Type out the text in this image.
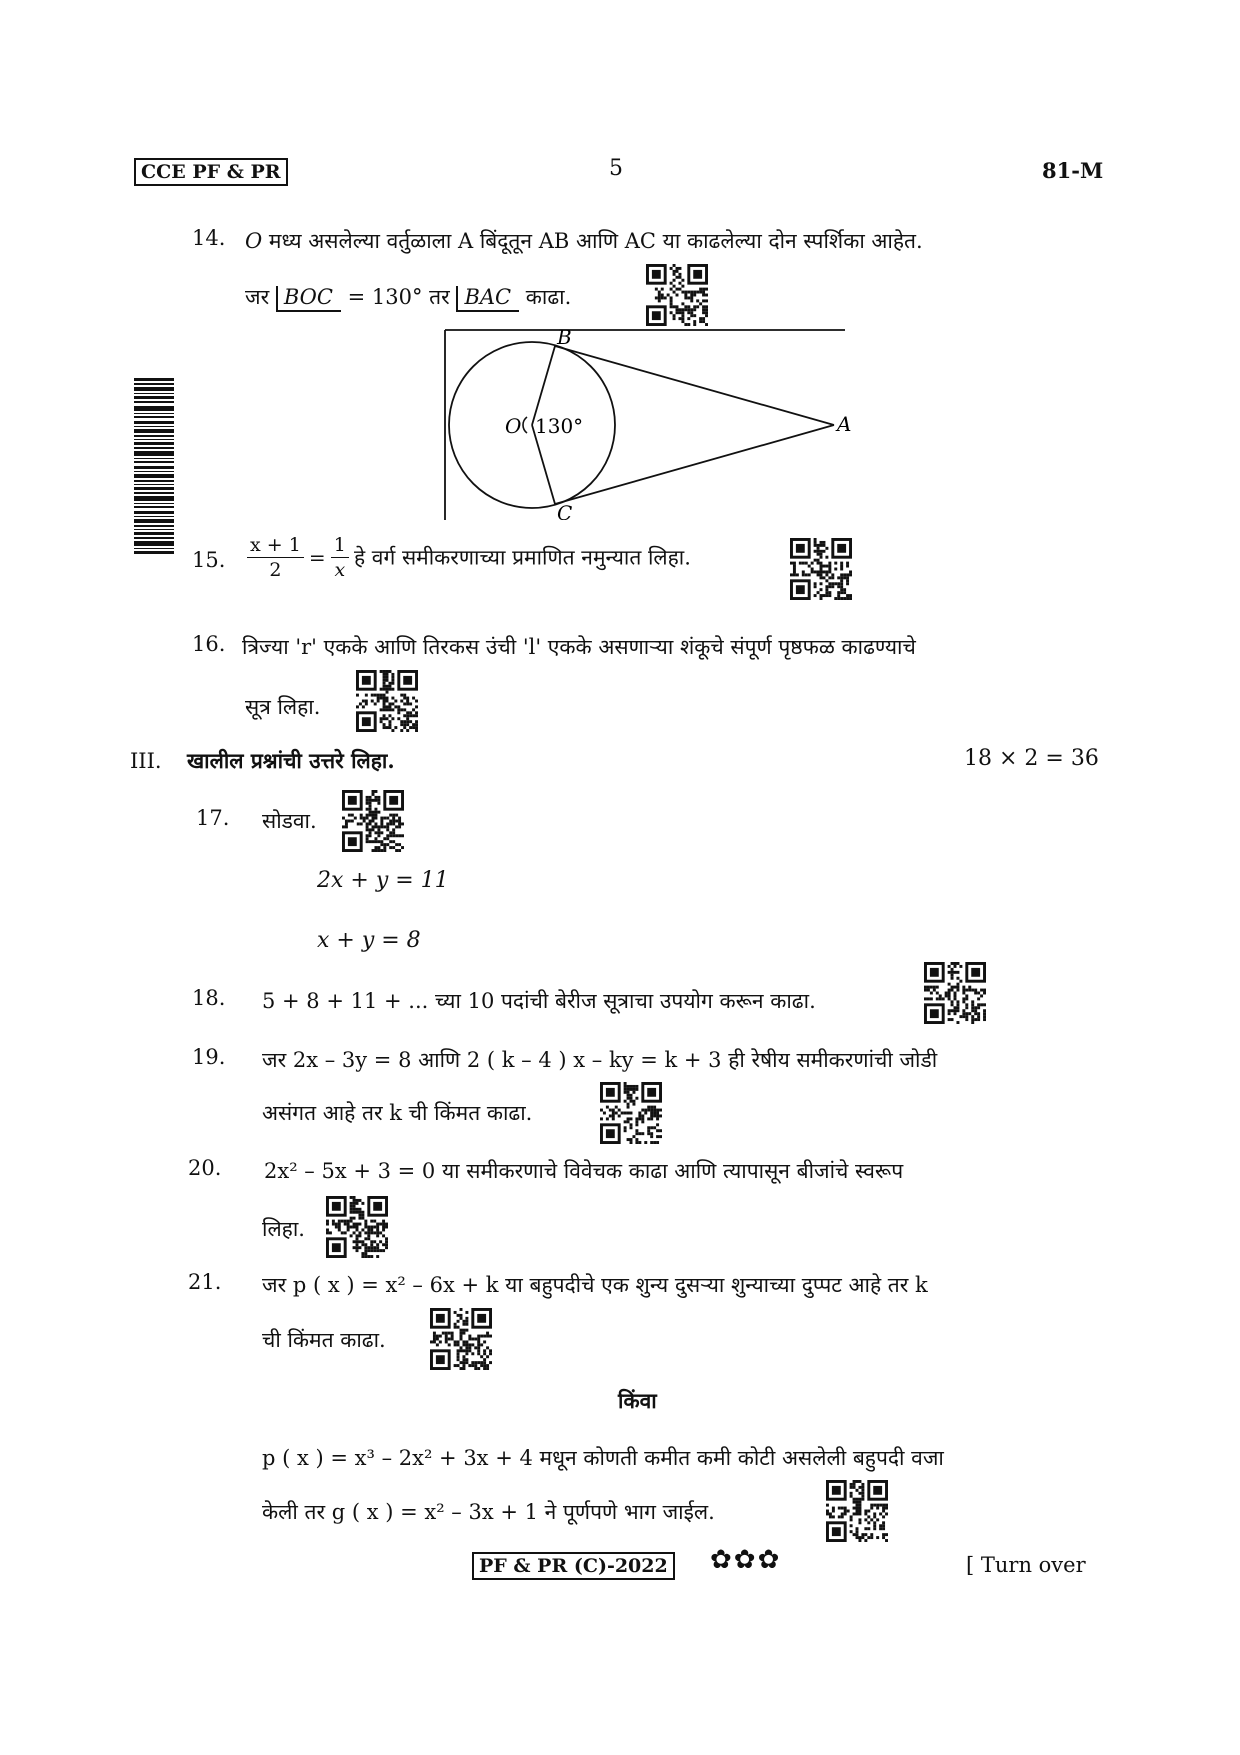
CCE PF & PR	5	81-M
14. O मध्य असलेल्या वर्तुळाला A बिंदूतून AB आणि AC या काढलेल्या दोन स्पर्शिका आहेत.
जर BOC = 130° तर BAC काढा.
O 130°	A
B
C
15. $\frac{x + 1}{2} = \frac{1}{x}$ हे वर्ग समीकरणाच्या प्रमाणित नमुन्यात लिहा.
16. त्रिज्या 'r' एकके आणि तिरकस उंची 'l' एकके असणाऱ्या शंकूचे संपूर्ण पृष्ठफळ काढण्याचे
सूत्र लिहा.
III. खालील प्रश्नांची उत्तरे लिहा.	18 × 2 = 36
17. सोडवा.
2x + y = 11
x + y = 8
18. 5 + 8 + 11 + ... च्या 10 पदांची बेरीज सूत्राचा उपयोग करून काढा.
19. जर 2x – 3y = 8 आणि 2 ( k – 4 ) x – ky = k + 3 ही रेषीय समीकरणांची जोडी
असंगत आहे तर k ची किंमत काढा.
20. 2x² – 5x + 3 = 0 या समीकरणाचे विवेचक काढा आणि त्यापासून बीजांचे स्वरूप
लिहा.
21. जर p ( x ) = x² – 6x + k या बहुपदीचे एक शुन्य दुसऱ्या शुन्याच्या दुप्पट आहे तर k
ची किंमत काढा.
किंवा
p ( x ) = x³ – 2x² + 3x + 4 मधून कोणती कमीत कमी कोटी असलेली बहुपदी वजा
केली तर g ( x ) = x² – 3x + 1 ने पूर्णपणे भाग जाईल.
PF & PR (C)-2022 ✿✿✿	[ Turn over
